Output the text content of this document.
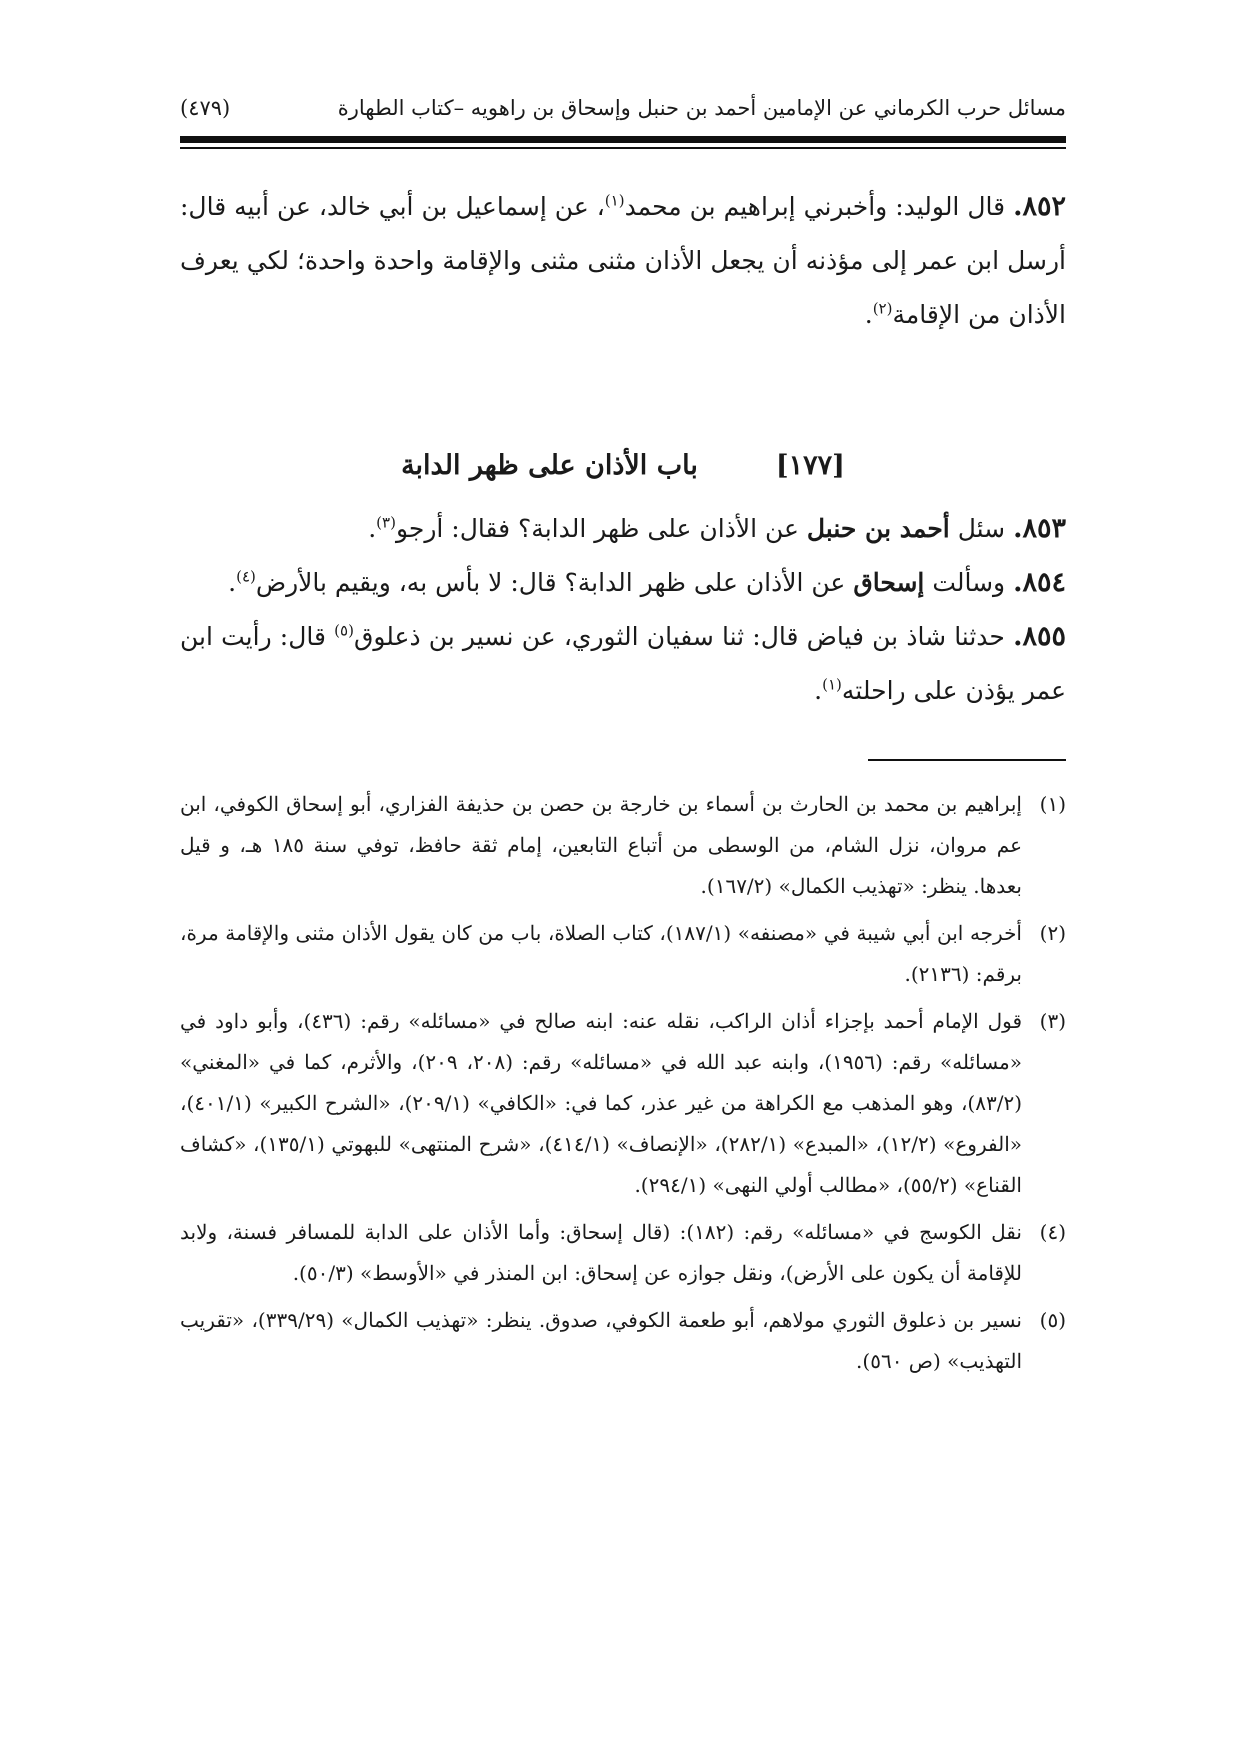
مسائل حرب الكرماني عن الإمامين أحمد بن حنبل وإسحاق بن راهويه –كتاب الطهارة
(٤٧٩)

٨٥٢. قال الوليد: وأخبرني إبراهيم بن محمد$^{(١)}$، عن إسماعيل بن أبي خالد، عن أبيه قال: أرسل ابن عمر إلى مؤذنه أن يجعل الأذان مثنى مثنى والإقامة واحدة واحدة؛ لكي يعرف الأذان من الإقامة$^{(٢)}$.

[١٧٧]
باب الأذان على ظهر الدابة

٨٥٣. سئل أحمد بن حنبل عن الأذان على ظهر الدابة؟ فقال: أرجو$^{(٣)}$.

٨٥٤. وسألت إسحاق عن الأذان على ظهر الدابة؟ قال: لا بأس به، ويقيم بالأرض$^{(٤)}$.

٨٥٥. حدثنا شاذ بن فياض قال: ثنا سفيان الثوري، عن نسير بن ذعلوق$^{(٥)}$ قال: رأيت ابن عمر يؤذن على راحلته$^{(١)}$.

(١)
إبراهيم بن محمد بن الحارث بن أسماء بن خارجة بن حصن بن حذيفة الفزاري، أبو إسحاق الكوفي، ابن عم مروان، نزل الشام، من الوسطى من أتباع التابعين، إمام ثقة حافظ، توفي سنة ١٨٥ هـ، و قيل بعدها. ينظر: «تهذيب الكمال» (١٦٧/٢).

(٢)
أخرجه ابن أبي شيبة في «مصنفه» (١٨٧/١)، كتاب الصلاة، باب من كان يقول الأذان مثنى والإقامة مرة، برقم: (٢١٣٦).

(٣)
قول الإمام أحمد بإجزاء أذان الراكب، نقله عنه: ابنه صالح في «مسائله» رقم: (٤٣٦)، وأبو داود في «مسائله» رقم: (١٩٥٦)، وابنه عبد الله في «مسائله» رقم: (٢٠٨، ٢٠٩)، والأثرم، كما في «المغني» (٨٣/٢)، وهو المذهب مع الكراهة من غير عذر، كما في: «الكافي» (٢٠٩/١)، «الشرح الكبير» (٤٠١/١)، «الفروع» (١٢/٢)، «المبدع» (٢٨٢/١)، «الإنصاف» (٤١٤/١)، «شرح المنتهى» للبهوتي (١٣٥/١)، «كشاف القناع» (٥٥/٢)، «مطالب أولي النهى» (٢٩٤/١).

(٤)
نقل الكوسج في «مسائله» رقم: (١٨٢): (قال إسحاق: وأما الأذان على الدابة للمسافر فسنة، ولابد للإقامة أن يكون على الأرض)، ونقل جوازه عن إسحاق: ابن المنذر في «الأوسط» (٥٠/٣).

(٥)
نسير بن ذعلوق الثوري مولاهم، أبو طعمة الكوفي، صدوق. ينظر: «تهذيب الكمال» (٣٣٩/٢٩)، «تقريب التهذيب» (ص ٥٦٠).
